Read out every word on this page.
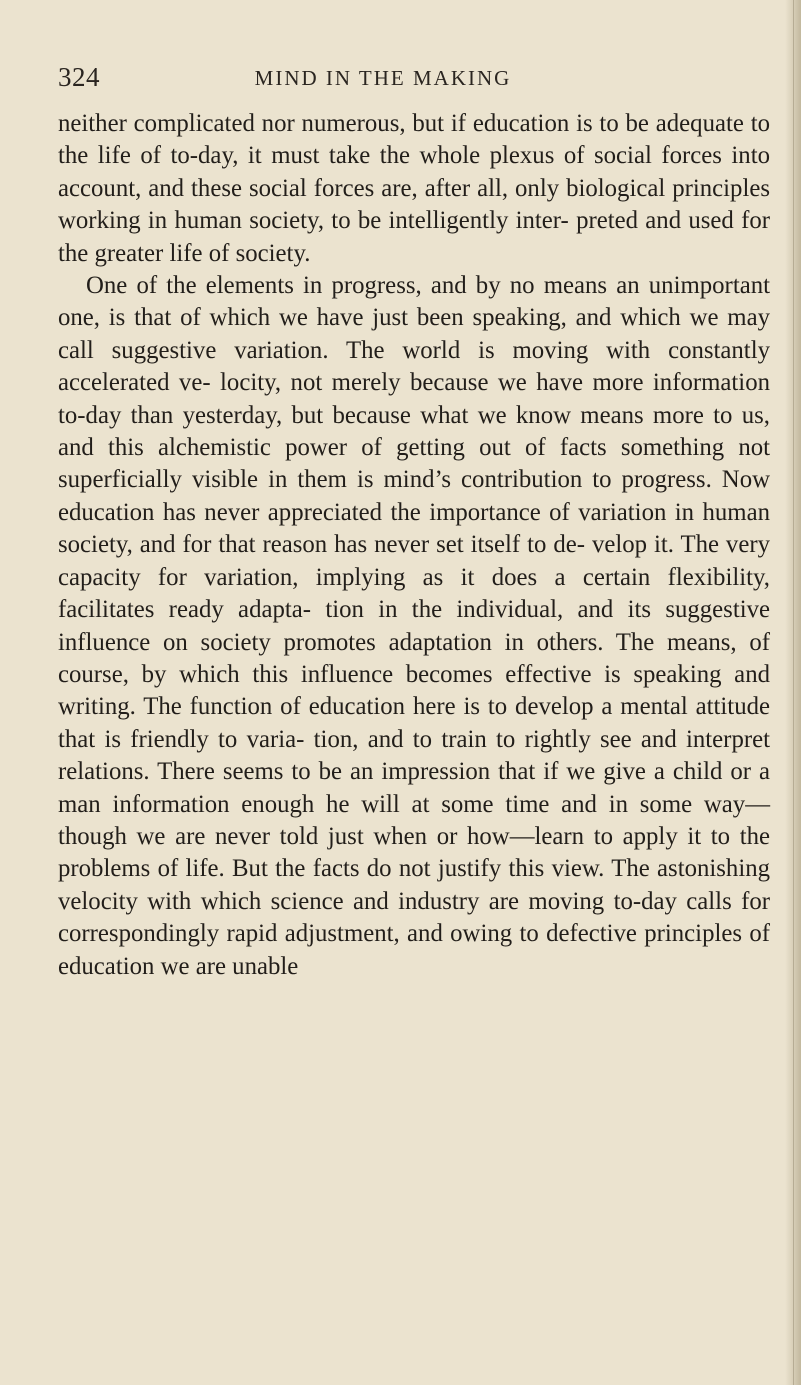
324	MIND IN THE MAKING

neither complicated nor numerous, but if education is to be adequate to the life of to-day, it must take the whole plexus of social forces into account, and these social forces are, after all, only biological principles working in human society, to be intelligently inter- preted and used for the greater life of society.

One of the elements in progress, and by no means an unimportant one, is that of which we have just been speaking, and which we may call suggestive variation. The world is moving with constantly accelerated ve- locity, not merely because we have more information to-day than yesterday, but because what we know means more to us, and this alchemistic power of getting out of facts something not superficially visible in them is mind’s contribution to progress. Now education has never appreciated the importance of variation in human society, and for that reason has never set itself to de- velop it. The very capacity for variation, implying as it does a certain flexibility, facilitates ready adapta- tion in the individual, and its suggestive influence on society promotes adaptation in others. The means, of course, by which this influence becomes effective is speaking and writing. The function of education here is to develop a mental attitude that is friendly to varia- tion, and to train to rightly see and interpret relations. There seems to be an impression that if we give a child or a man information enough he will at some time and in some way—though we are never told just when or how—learn to apply it to the problems of life. But the facts do not justify this view. The astonishing velocity with which science and industry are moving to-day calls for correspondingly rapid adjustment, and owing to defective principles of education we are unable
